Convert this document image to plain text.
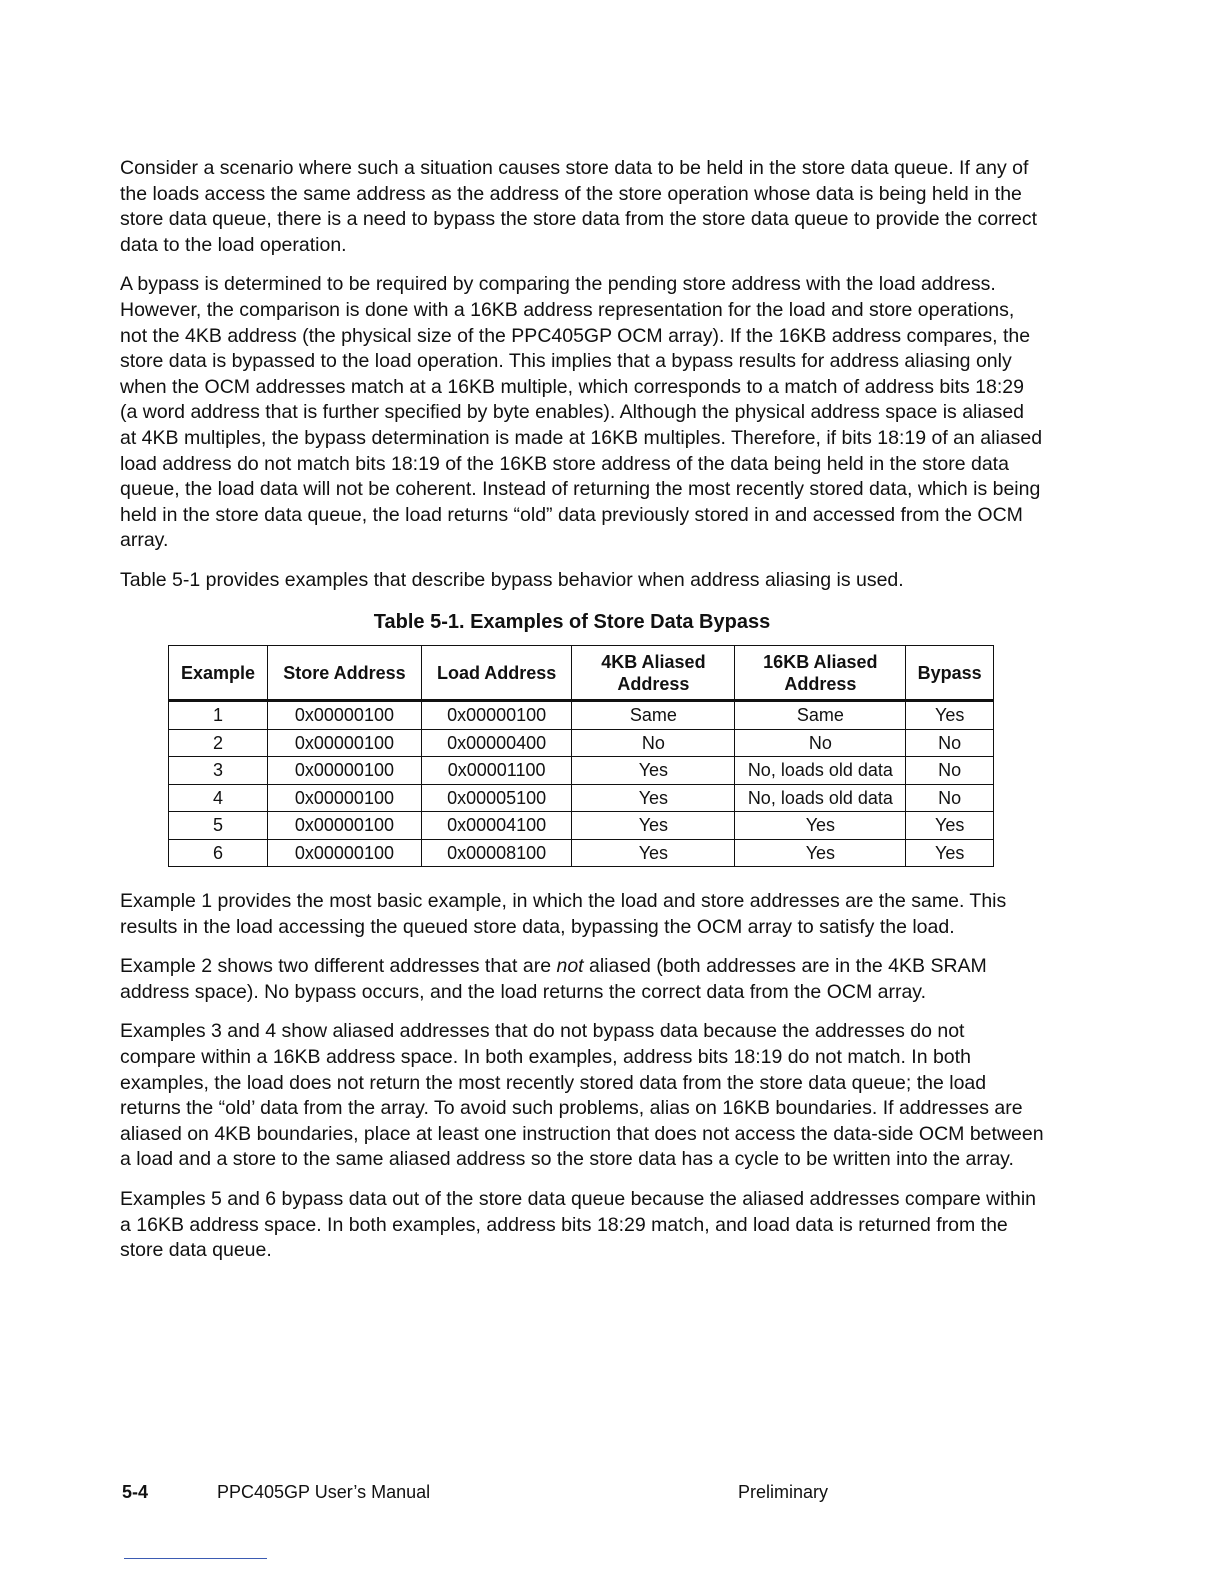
Consider a scenario where such a situation causes store data to be held in the store data queue. If any of the loads access the same address as the address of the store operation whose data is being held in the store data queue, there is a need to bypass the store data from the store data queue to provide the correct data to the load operation.

A bypass is determined to be required by comparing the pending store address with the load address. However, the comparison is done with a 16KB address representation for the load and store operations, not the 4KB address (the physical size of the PPC405GP OCM array). If the 16KB address compares, the store data is bypassed to the load operation. This implies that a bypass results for address aliasing only when the OCM addresses match at a 16KB multiple, which corresponds to a match of address bits 18:29 (a word address that is further specified by byte enables). Although the physical address space is aliased at 4KB multiples, the bypass determination is made at 16KB multiples. Therefore, if bits 18:19 of an aliased load address do not match bits 18:19 of the 16KB store address of the data being held in the store data queue, the load data will not be coherent. Instead of returning the most recently stored data, which is being held in the store data queue, the load returns “old” data previously stored in and accessed from the OCM array.

Table 5-1 provides examples that describe bypass behavior when address aliasing is used.

Table 5-1. Examples of Store Data Bypass
Example	Store Address	Load Address	4KB Aliased Address	16KB Aliased Address	Bypass
1	0x00000100	0x00000100	Same	Same	Yes
2	0x00000100	0x00000400	No	No	No
3	0x00000100	0x00001100	Yes	No, loads old data	No
4	0x00000100	0x00005100	Yes	No, loads old data	No
5	0x00000100	0x00004100	Yes	Yes	Yes
6	0x00000100	0x00008100	Yes	Yes	Yes

Example 1 provides the most basic example, in which the load and store addresses are the same. This results in the load accessing the queued store data, bypassing the OCM array to satisfy the load.

Example 2 shows two different addresses that are not aliased (both addresses are in the 4KB SRAM address space). No bypass occurs, and the load returns the correct data from the OCM array.

Examples 3 and 4 show aliased addresses that do not bypass data because the addresses do not compare within a 16KB address space. In both examples, address bits 18:19 do not match. In both examples, the load does not return the most recently stored data from the store data queue; the load returns the “old’ data from the array. To avoid such problems, alias on 16KB boundaries. If addresses are aliased on 4KB boundaries, place at least one instruction that does not access the data-side OCM between a load and a store to the same aliased address so the store data has a cycle to be written into the array.

Examples 5 and 6 bypass data out of the store data queue because the aliased addresses compare within a 16KB address space. In both examples, address bits 18:29 match, and load data is returned from the store data queue.

5-4	PPC405GP User’s Manual	Preliminary
